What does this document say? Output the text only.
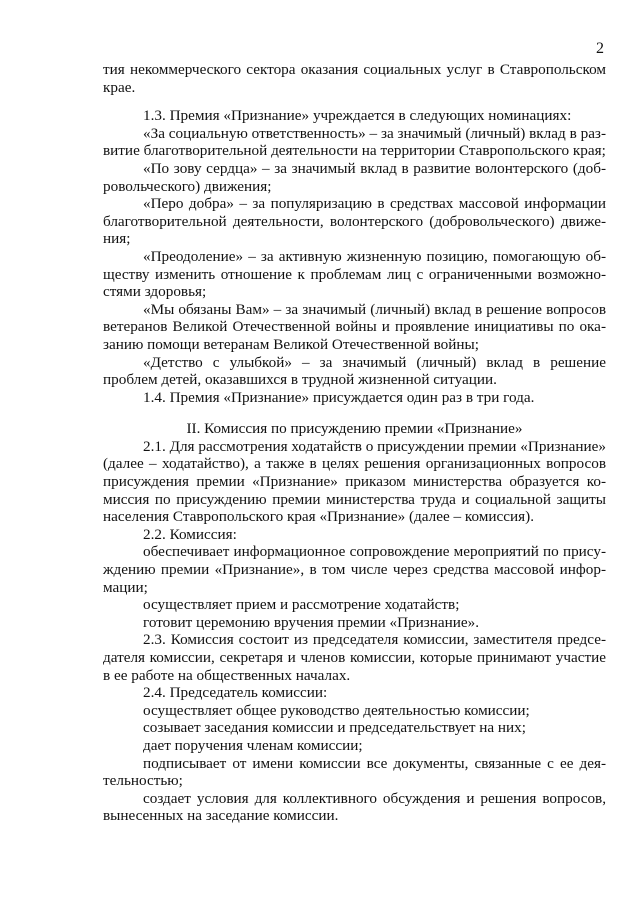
2

тия некоммерческого сектора оказания социальных услуг в Ставропольском крае.

1.3. Премия «Признание» учреждается в следующих номинациях:

«За социальную ответственность» – за значимый (личный) вклад в развитие благотворительной деятельности на территории Ставропольского края;

«По зову сердца» – за значимый вклад в развитие волонтерского (добровольческого) движения;

«Перо добра» – за популяризацию в средствах массовой информации благотворительной деятельности, волонтерского (добровольческого) движения;

«Преодоление» – за активную жизненную позицию, помогающую обществу изменить отношение к проблемам лиц с ограниченными возможностями здоровья;

«Мы обязаны Вам» – за значимый (личный) вклад в решение вопросов ветеранов Великой Отечественной войны и проявление инициативы по оказанию помощи ветеранам Великой Отечественной войны;

«Детство с улыбкой» – за значимый (личный) вклад в решение проблем детей, оказавшихся в трудной жизненной ситуации.

1.4. Премия «Признание» присуждается один раз в три года.

II. Комиссия по присуждению премии «Признание»

2.1. Для рассмотрения ходатайств о присуждении премии «Признание» (далее – ходатайство), а также в целях решения организационных вопросов присуждения премии «Признание» приказом министерства образуется комиссия по присуждению премии министерства труда и социальной защиты населения Ставропольского края «Признание» (далее – комиссия).

2.2. Комиссия:

обеспечивает информационное сопровождение мероприятий по присуждению премии «Признание», в том числе через средства массовой информации;

осуществляет прием и рассмотрение ходатайств;

готовит церемонию вручения премии «Признание».

2.3. Комиссия состоит из председателя комиссии, заместителя председателя комиссии, секретаря и членов комиссии, которые принимают участие в ее работе на общественных началах.

2.4. Председатель комиссии:

осуществляет общее руководство деятельностью комиссии;

созывает заседания комиссии и председательствует на них;

дает поручения членам комиссии;

подписывает от имени комиссии все документы, связанные с ее деятельностью;

создает условия для коллективного обсуждения и решения вопросов, вынесенных на заседание комиссии.
